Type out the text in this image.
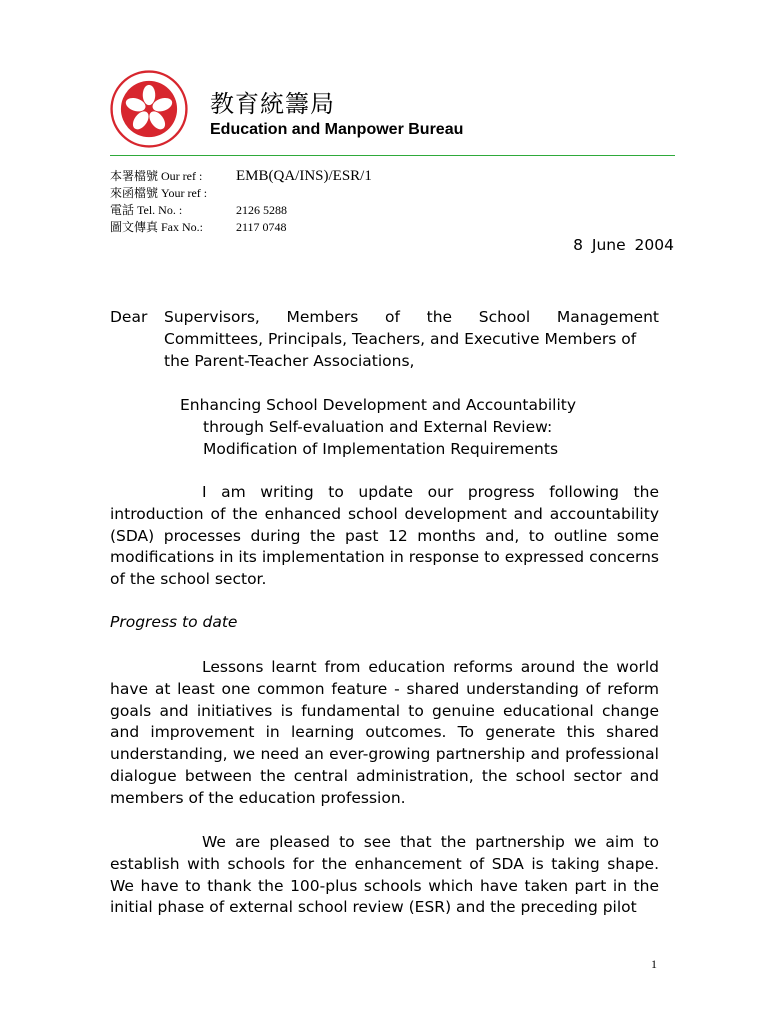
教育統籌局
Education and Manpower Bureau
本署檔號 Our ref :	EMB(QA/INS)/ESR/1
來函檔號 Your ref :
電話 Tel. No. :	2126 5288
圖文傳真 Fax No.:	2117 0748
8 June 2004
Dear	Supervisors, Members of the School Management
Committees, Principals, Teachers, and Executive Members of
the Parent-Teacher Associations,
Enhancing School Development and Accountability
through Self-evaluation and External Review:
Modification of Implementation Requirements
I am writing to update our progress following the introduction of the enhanced school development and accountability (SDA) processes during the past 12 months and, to outline some modifications in its implementation in response to expressed concerns of the school sector.
Progress to date
Lessons learnt from education reforms around the world have at least one common feature - shared understanding of reform goals and initiatives is fundamental to genuine educational change and improvement in learning outcomes. To generate this shared understanding, we need an ever-growing partnership and professional dialogue between the central administration, the school sector and members of the education profession.
We are pleased to see that the partnership we aim to establish with schools for the enhancement of SDA is taking shape. We have to thank the 100-plus schools which have taken part in the initial phase of external school review (ESR) and the preceding pilot
1
